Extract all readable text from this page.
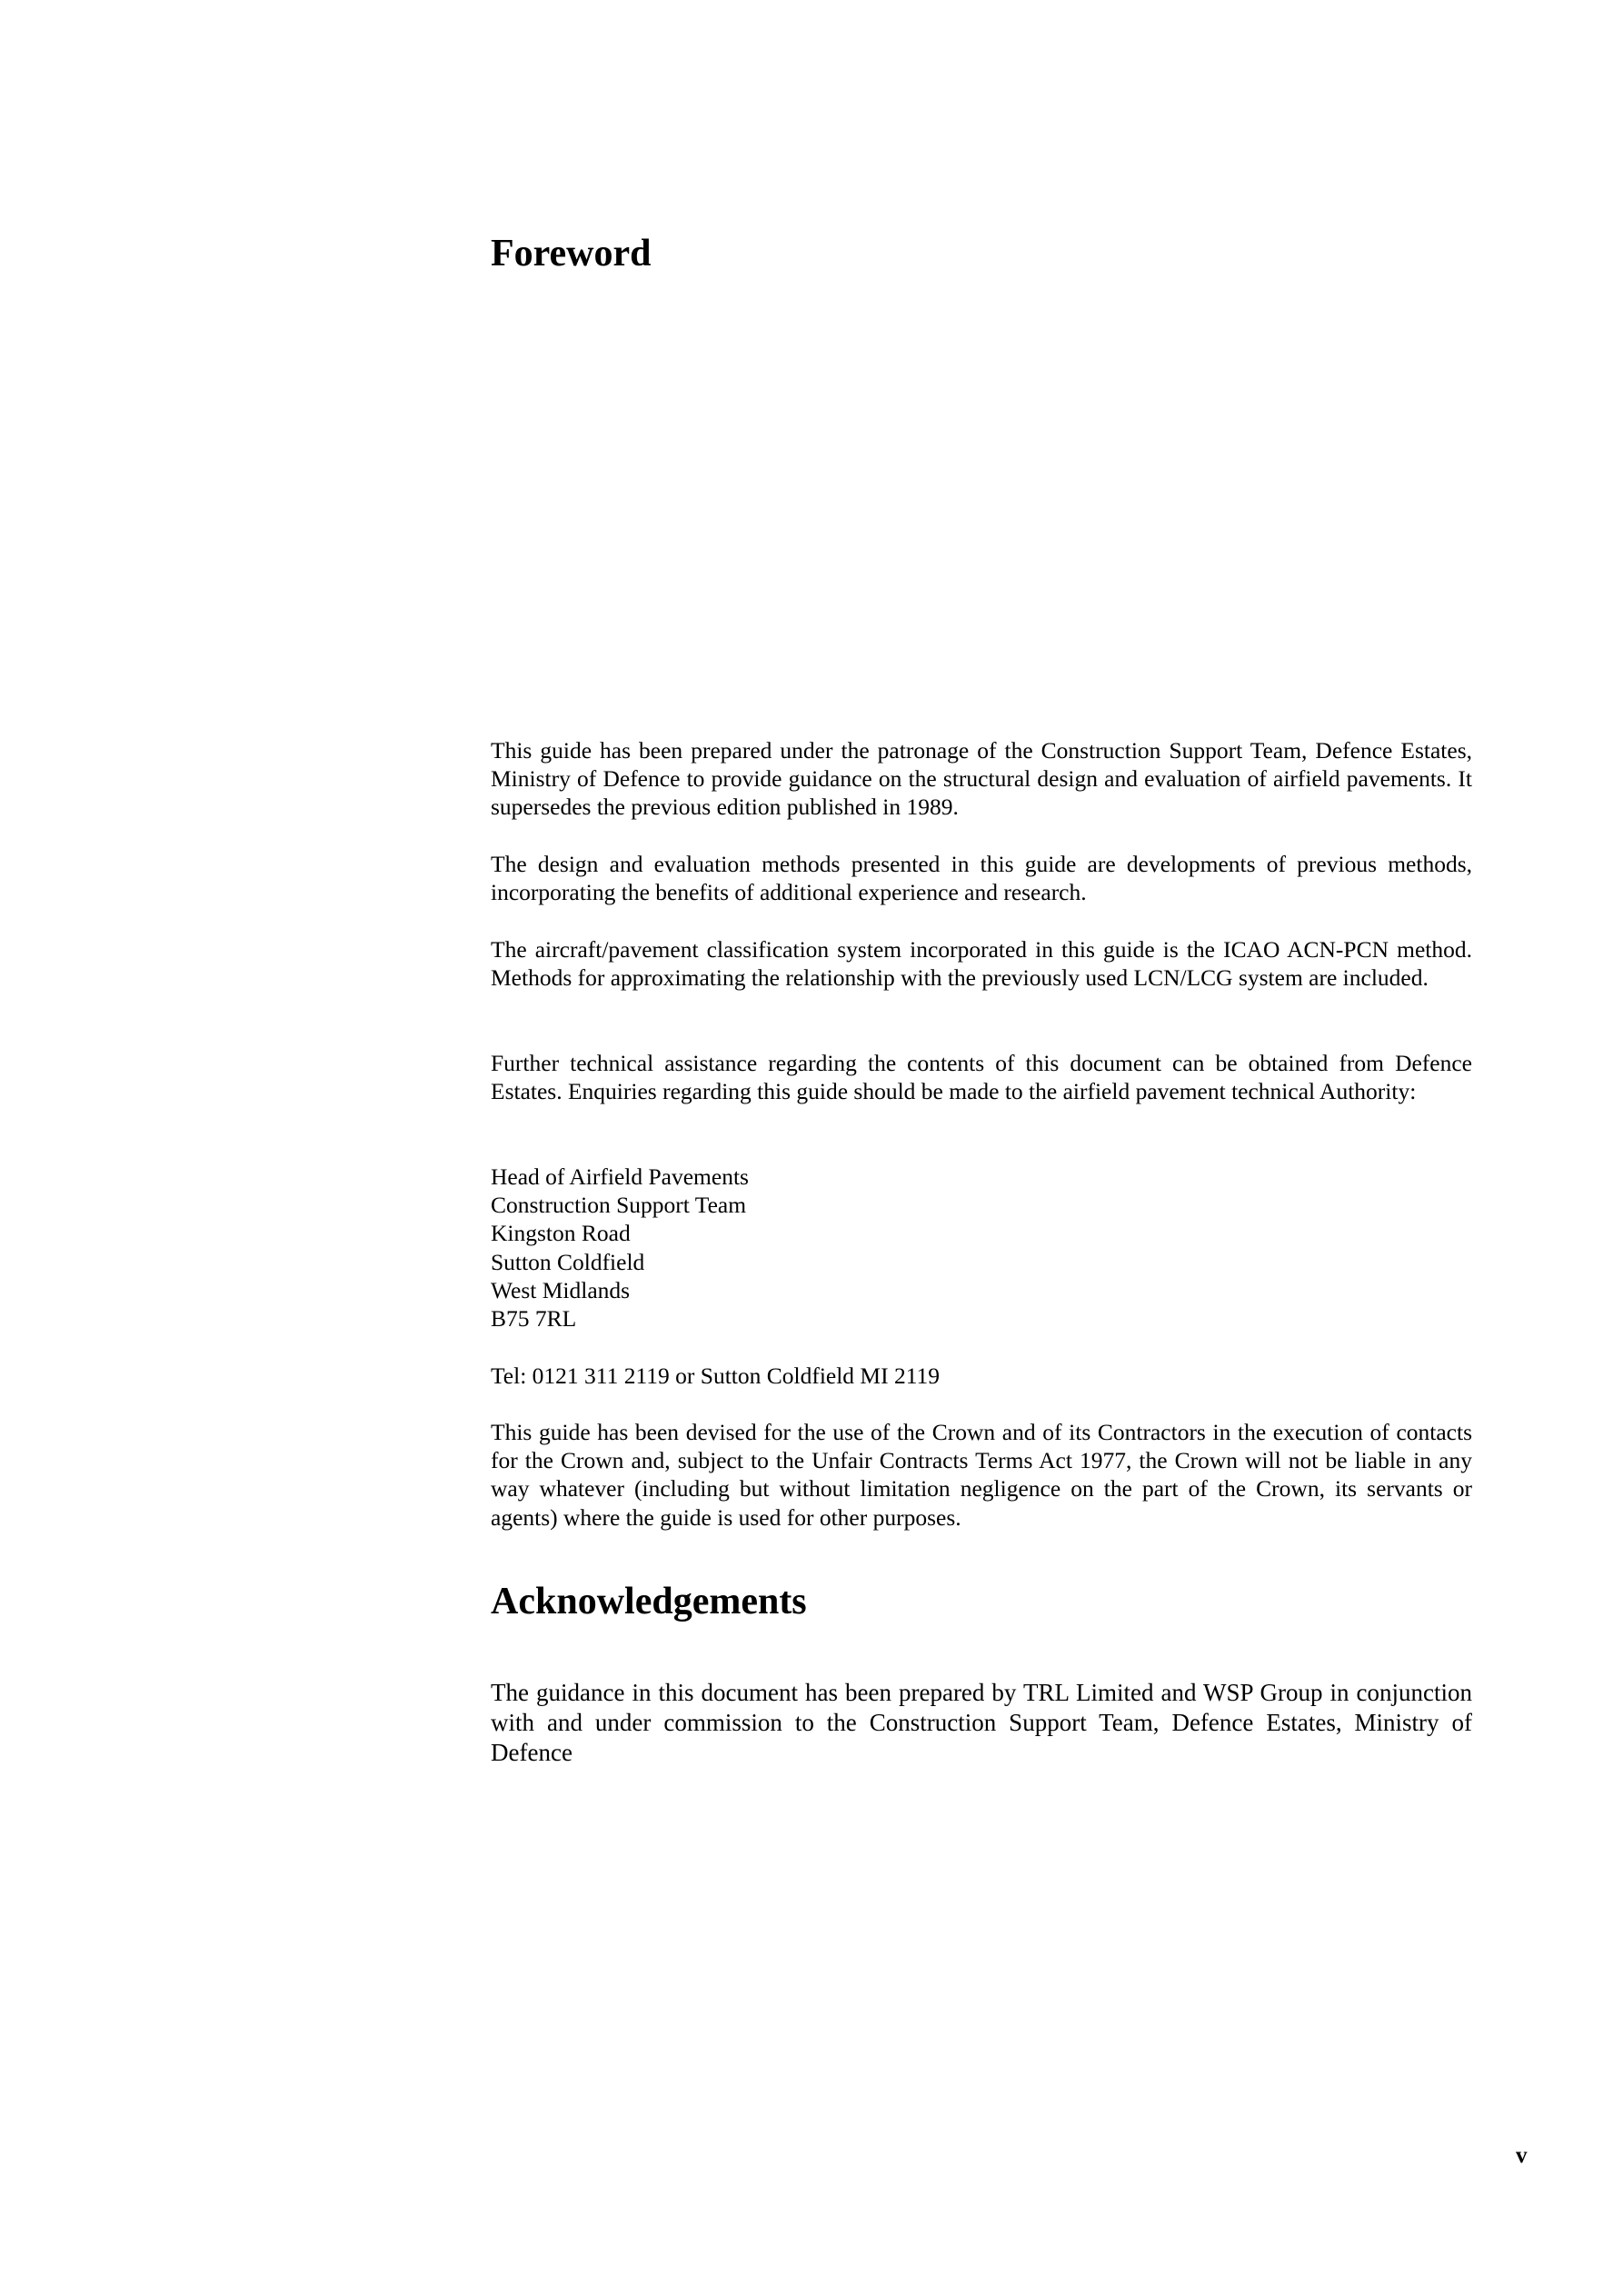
Foreword

This guide has been prepared under the patronage of the Construction Support Team, Defence Estates, Ministry of Defence to provide guidance on the structural design and evaluation of airfield pavements. It supersedes the previous edition published in 1989.

The design and evaluation methods presented in this guide are developments of previous methods, incorporating the benefits of additional experience and research.

The aircraft/pavement classification system incorporated in this guide is the ICAO ACN-PCN method. Methods for approximating the relationship with the previously used LCN/LCG system are included.

Further technical assistance regarding the contents of this document can be obtained from Defence Estates. Enquiries regarding this guide should be made to the airfield pavement technical Authority:

Head of Airfield Pavements
Construction Support Team
Kingston Road
Sutton Coldfield
West Midlands
B75 7RL

Tel: 0121 311 2119 or Sutton Coldfield MI 2119

This guide has been devised for the use of the Crown and of its Contractors in the execution of contacts for the Crown and, subject to the Unfair Contracts Terms Act 1977, the Crown will not be liable in any way whatever (including but without limitation negligence on the part of the Crown, its servants or agents) where the guide is used for other purposes.

Acknowledgements

The guidance in this document has been prepared by TRL Limited and WSP Group in conjunction with and under commission to the Construction Support Team, Defence Estates, Ministry of Defence

v
